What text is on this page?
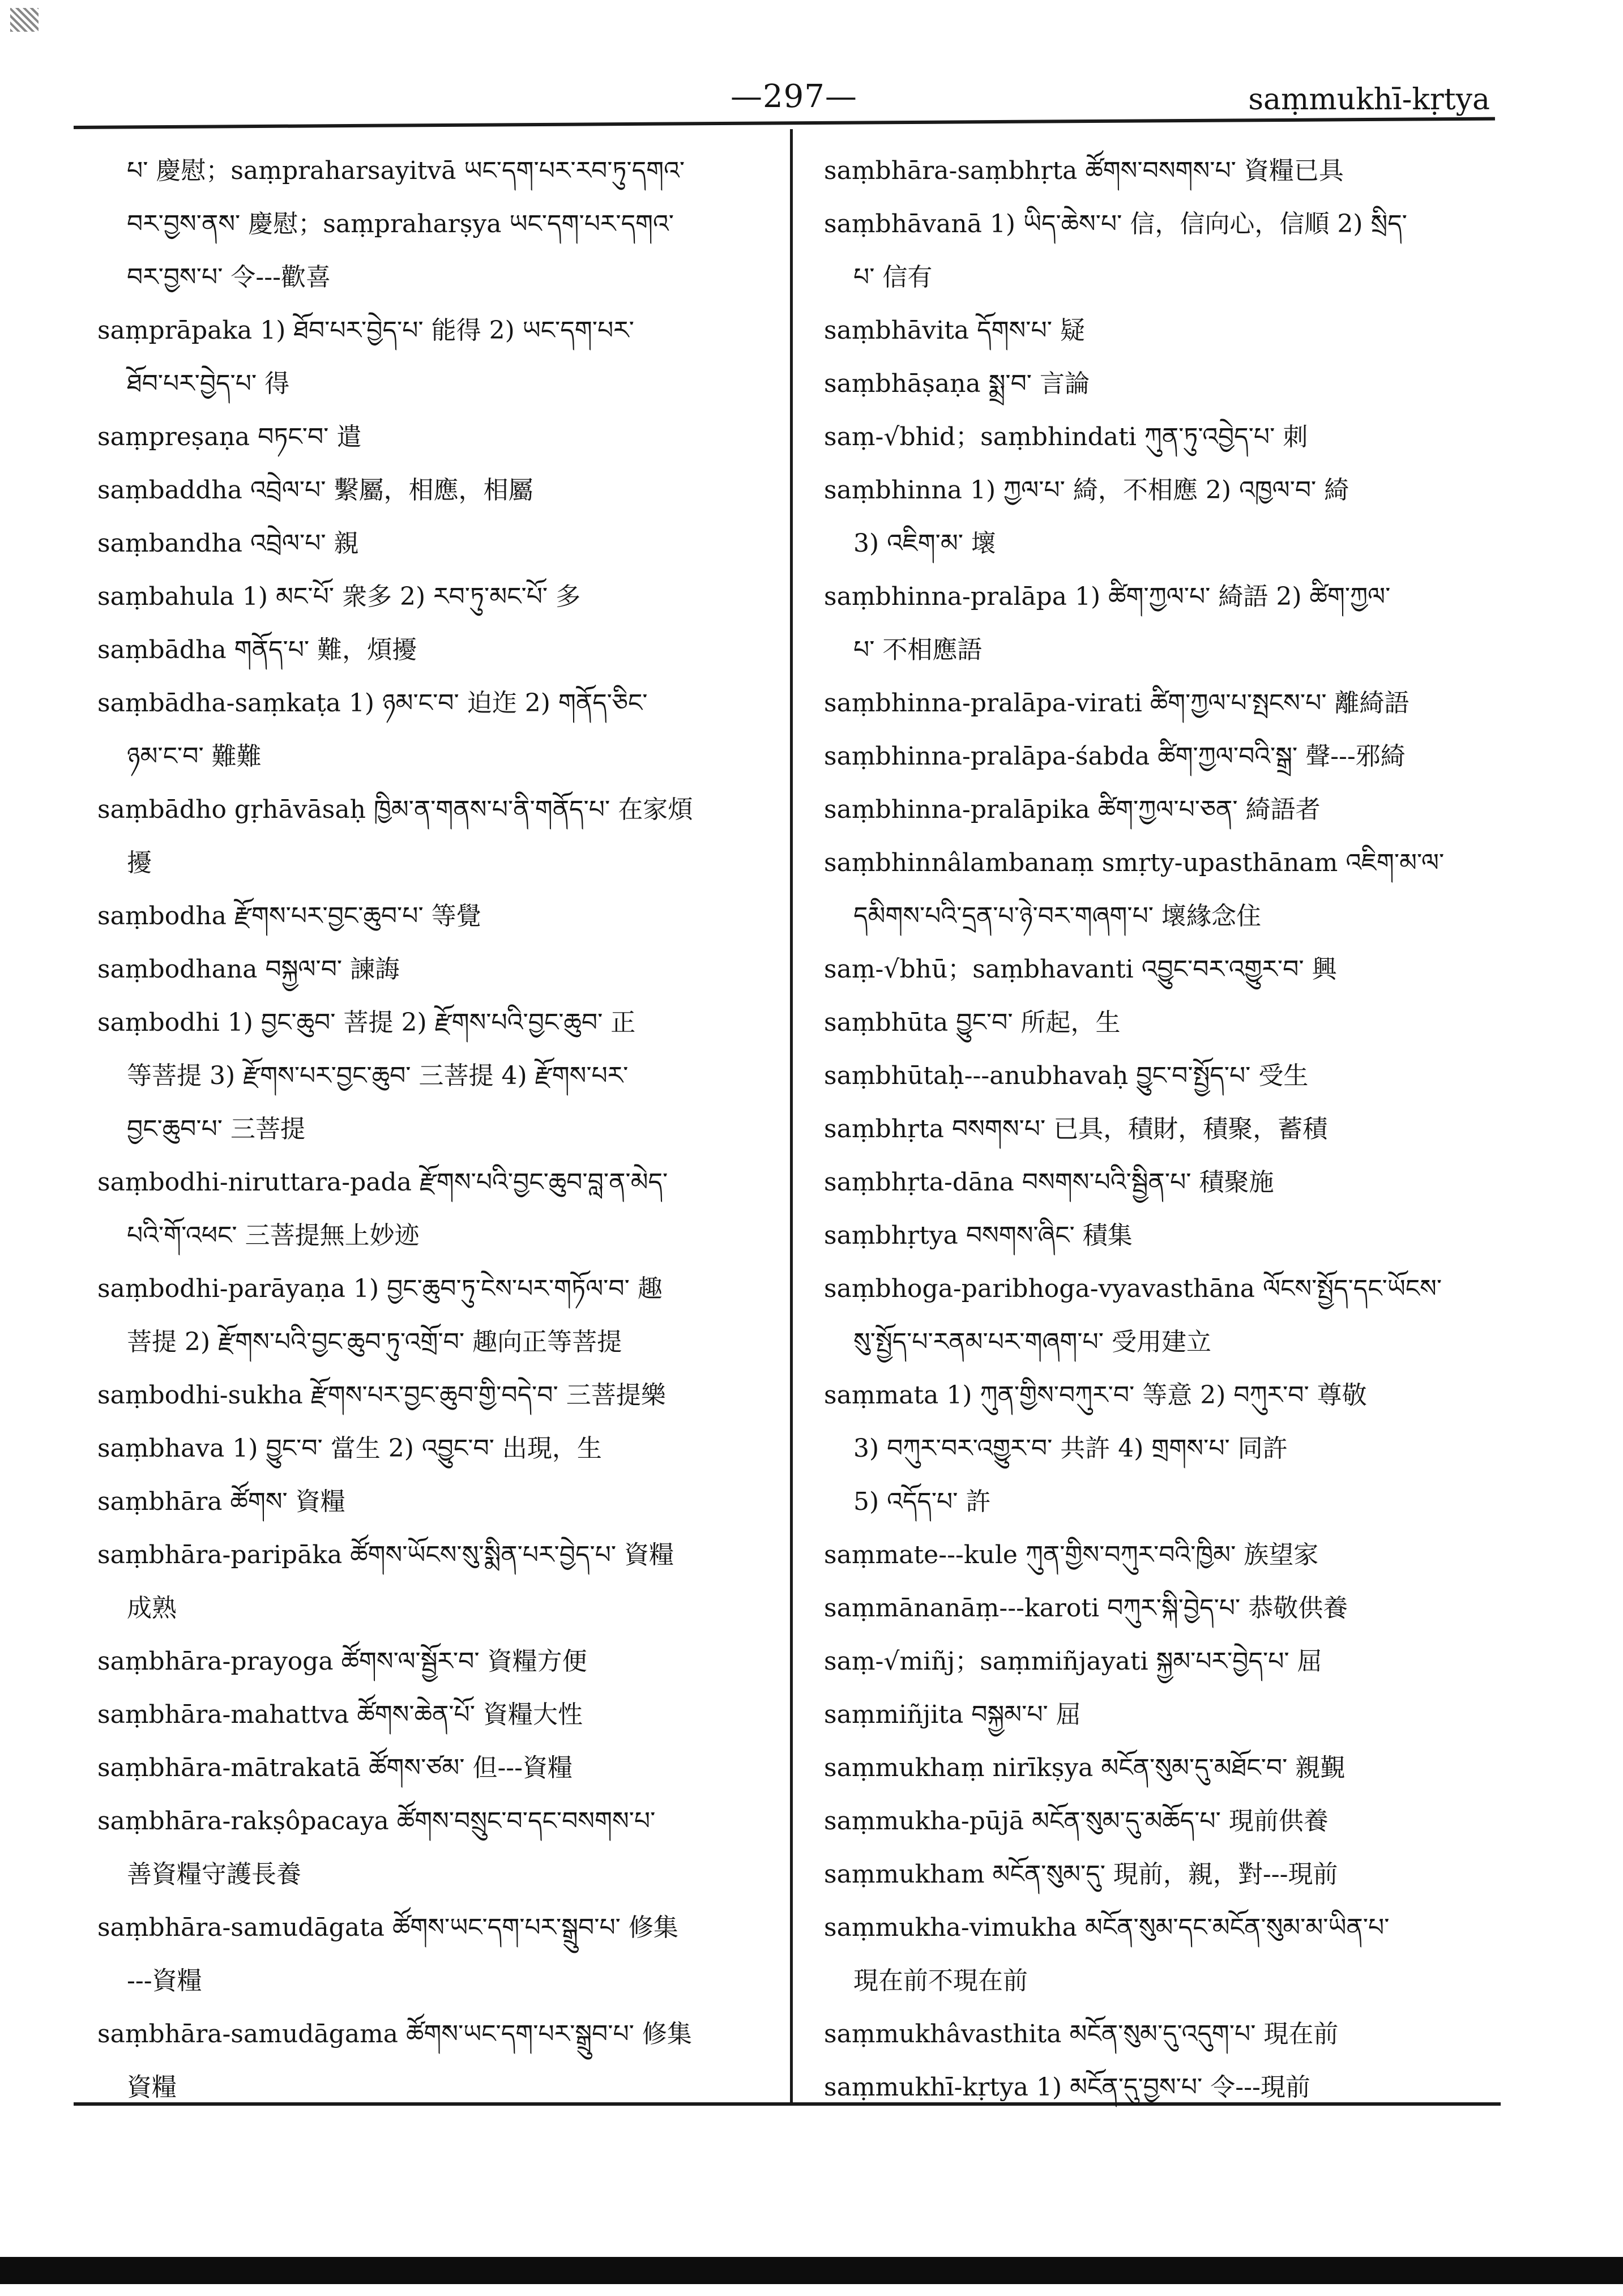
—297—	saṃmukhī-kṛtya
པ་ 慶慰；saṃpraharsayitvā ཡང་དག་པར་རབ་ཏུ་དགའ་
བར་བྱས་ནས་ 慶慰；saṃpraharṣya ཡང་དག་པར་དགའ་
བར་བྱས་པ་ 令---歡喜
saṃprāpaka 1) ཐོབ་པར་བྱེད་པ་ 能得 2) ཡང་དག་པར་
ཐོབ་པར་བྱེད་པ་ 得
saṃpreṣaṇa བཏང་བ་ 遣
saṃbaddha འབྲེལ་པ་ 繫屬，相應，相屬
saṃbandha འབྲེལ་པ་ 親
saṃbahula 1) མང་པོ་ 衆多 2) རབ་ཏུ་མང་པོ་ 多
saṃbādha གནོད་པ་ 難，煩擾
saṃbādha-saṃkaṭa 1) ཉམ་ང་བ་ 迫迮 2) གནོད་ཅིང་
ཉམ་ང་བ་ 難難
saṃbādho gṛhāvāsaḥ ཁྱིམ་ན་གནས་པ་ནི་གནོད་པ་ 在家煩
擾
saṃbodha རྫོགས་པར་བྱང་ཆུབ་པ་ 等覺
saṃbodhana བསྐྱལ་བ་ 諫誨
saṃbodhi 1) བྱང་ཆུབ་ 菩提 2) རྫོགས་པའི་བྱང་ཆུབ་ 正
等菩提 3) རྫོགས་པར་བྱང་ཆུབ་ 三菩提 4) རྫོགས་པར་
བྱང་ཆུབ་པ་ 三菩提
saṃbodhi-niruttara-pada རྫོགས་པའི་བྱང་ཆུབ་བླ་ན་མེད་
པའི་གོ་འཕང་ 三菩提無上妙迹
saṃbodhi-parāyaṇa 1) བྱང་ཆུབ་ཏུ་ངེས་པར་གཏོལ་བ་ 趣
菩提 2) རྫོགས་པའི་བྱང་ཆུབ་ཏུ་འགྲོ་བ་ 趣向正等菩提
saṃbodhi-sukha རྫོགས་པར་བྱང་ཆུབ་གྱི་བདེ་བ་ 三菩提樂
saṃbhava 1) བྱུང་བ་ 當生 2) འབྱུང་བ་ 出現，生
saṃbhāra ཚོགས་ 資糧
saṃbhāra-paripāka ཚོགས་ཡོངས་སུ་སྨིན་པར་བྱེད་པ་ 資糧
成熟
saṃbhāra-prayoga ཚོགས་ལ་སྦྱོར་བ་ 資糧方便
saṃbhāra-mahattva ཚོགས་ཆེན་པོ་ 資糧大性
saṃbhāra-mātrakatā ཚོགས་ཙམ་ 但---資糧
saṃbhāra-rakṣôpacaya ཚོགས་བསྲུང་བ་དང་བསགས་པ་
善資糧守護長養
saṃbhāra-samudāgata ཚོགས་ཡང་དག་པར་སྒྲུབ་པ་ 修集
---資糧
saṃbhāra-samudāgama ཚོགས་ཡང་དག་པར་སྒྲུབ་པ་ 修集
資糧
saṃbhāra-saṃbhṛta ཚོགས་བསགས་པ་ 資糧已具
saṃbhāvanā 1) ཡིད་ཆེས་པ་ 信，信向心，信順 2) སྲིད་
པ་ 信有
saṃbhāvita དོགས་པ་ 疑
saṃbhāṣaṇa སྨྲ་བ་ 言論
saṃ-√bhid；saṃbhindati ཀུན་ཏུ་འབྱེད་པ་ 刺
saṃbhinna 1) ཀྱལ་པ་ 綺，不相應 2) འཁྱལ་བ་ 綺
3) འཇིག་མ་ 壞
saṃbhinna-pralāpa 1) ཚིག་ཀྱལ་པ་ 綺語 2) ཚིག་ཀྱལ་
པ་ 不相應語
saṃbhinna-pralāpa-virati ཚིག་ཀྱལ་པ་སྤངས་པ་ 離綺語
saṃbhinna-pralāpa-śabda ཚིག་ཀྱལ་བའི་སྒྲ་ 聲---邪綺
saṃbhinna-pralāpika ཚིག་ཀྱལ་པ་ཅན་ 綺語者
saṃbhinnâlambanaṃ smṛty-upasthānam འཇིག་མ་ལ་
དམིགས་པའི་དྲན་པ་ཉེ་བར་གཞག་པ་ 壞緣念住
saṃ-√bhū；saṃbhavanti འབྱུང་བར་འགྱུར་བ་ 興
saṃbhūta བྱུང་བ་ 所起，生
saṃbhūtaḥ---anubhavaḥ བྱུང་བ་སྤྱོད་པ་ 受生
saṃbhṛta བསགས་པ་ 已具，積財，積聚，蓄積
saṃbhṛta-dāna བསགས་པའི་སྦྱིན་པ་ 積聚施
saṃbhṛtya བསགས་ཞིང་ 積集
saṃbhoga-paribhoga-vyavasthāna ལོངས་སྤྱོད་དང་ཡོངས་
སུ་སྤྱོད་པ་རནམ་པར་གཞག་པ་ 受用建立
saṃmata 1) ཀུན་གྱིས་བཀུར་བ་ 等意 2) བཀུར་བ་ 尊敬
3) བཀུར་བར་འགྱུར་བ་ 共許 4) གྲགས་པ་ 同許
5) འདོད་པ་ 許
saṃmate---kule ཀུན་གྱིས་བཀུར་བའི་ཁྱིམ་ 族望家
saṃmānanāṃ---karoti བཀུར་སྐི་བྱེད་པ་ 恭敬供養
saṃ-√miñj；saṃmiñjayati སྐྱམ་པར་བྱེད་པ་ 屈
saṃmiñjita བསྐྱམ་པ་ 屈
saṃmukhaṃ nirīkṣya མངོན་སུམ་དུ་མཐོང་བ་ 親覲
saṃmukha-pūjā མངོན་སུམ་དུ་མཆོད་པ་ 現前供養
saṃmukham མངོན་སུམ་དུ་ 現前，親，對---現前
saṃmukha-vimukha མངོན་སུམ་དང་མངོན་སུམ་མ་ཡིན་པ་
現在前不現在前
saṃmukhâvasthita མངོན་སུམ་དུ་འདུག་པ་ 現在前
saṃmukhī-kṛtya 1) མངོན་དུ་བྱས་པ་ 令---現前
